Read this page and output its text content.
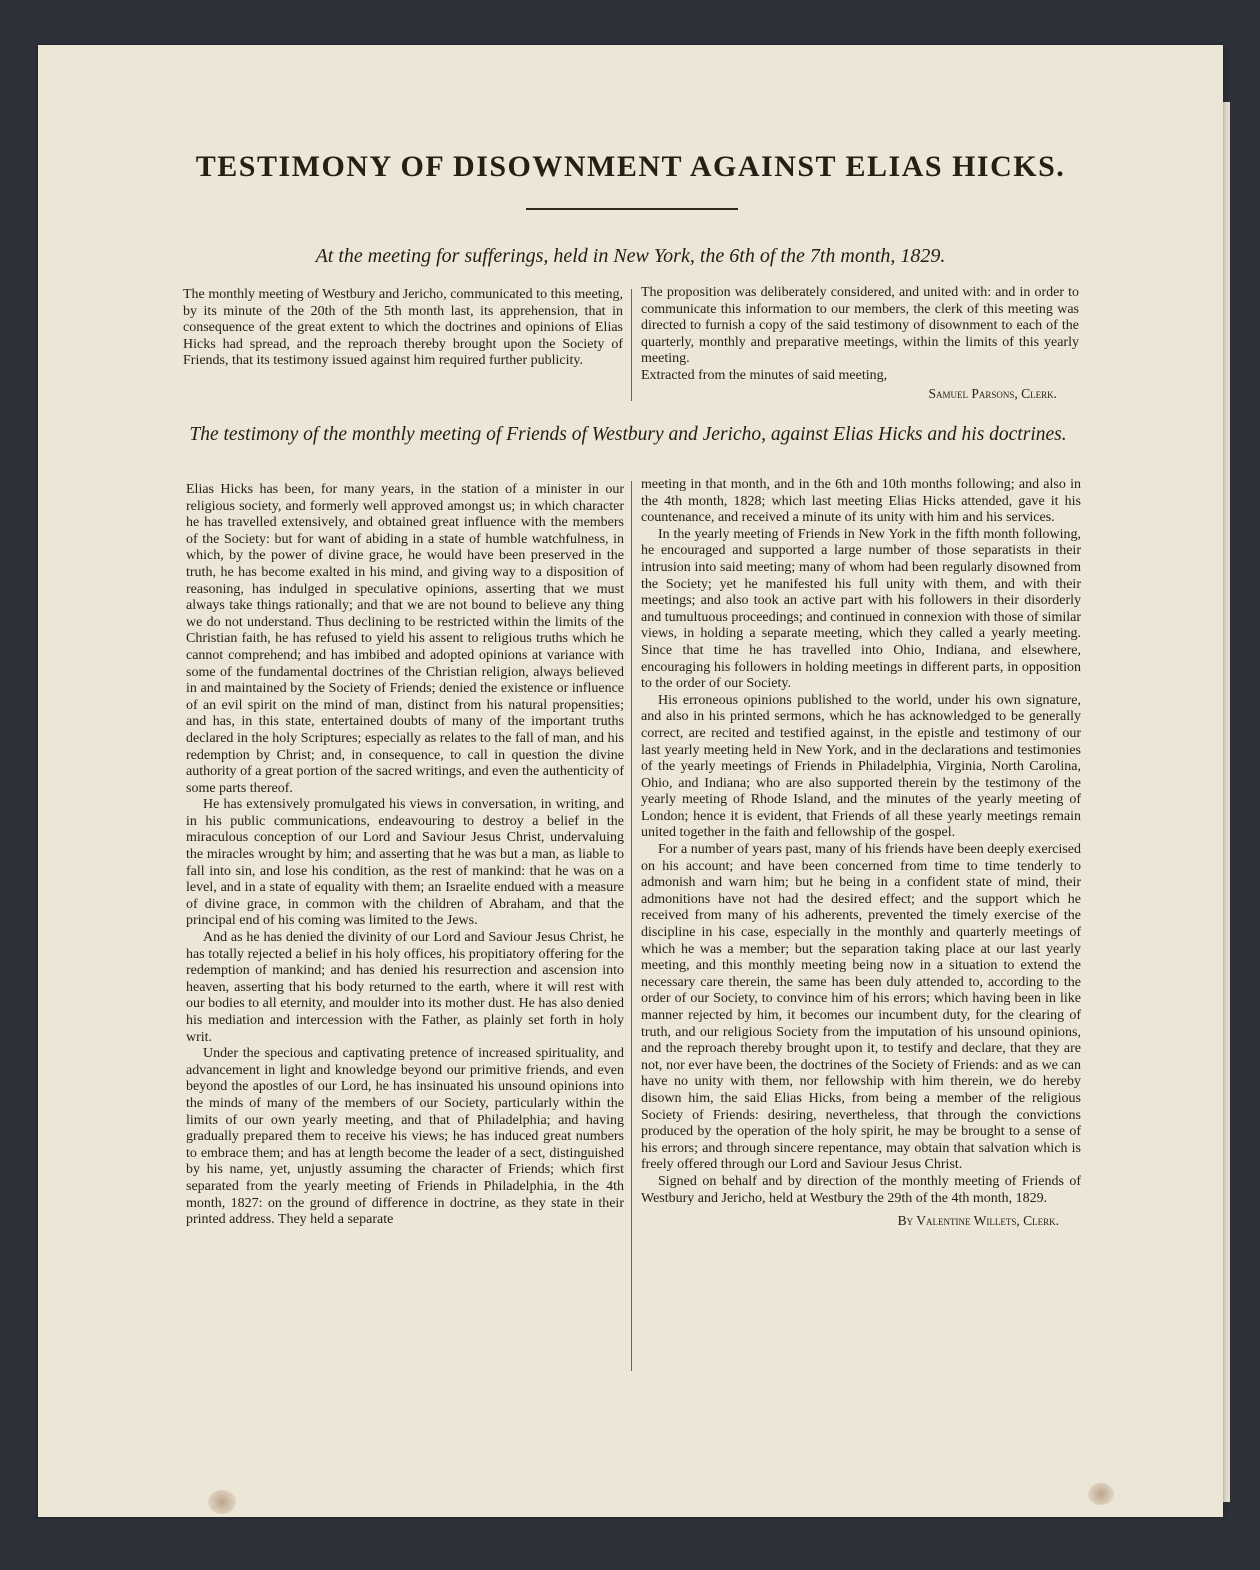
TESTIMONY OF DISOWNMENT AGAINST ELIAS HICKS.
At the meeting for sufferings, held in New York, the 6th of the 7th month, 1829.

The monthly meeting of Westbury and Jericho, communicated to this meeting, by its minute of the 20th of the 5th month last, its apprehension, that in consequence of the great extent to which the doctrines and opinions of Elias Hicks had spread, and the reproach thereby brought upon the Society of Friends, that its testimony issued against him required further publicity.

The proposition was deliberately considered, and united with: and in order to communicate this information to our members, the clerk of this meeting was directed to furnish a copy of the said testimony of disownment to each of the quarterly, monthly and preparative meetings, within the limits of this yearly meeting.

Extracted from the minutes of said meeting,

Samuel Parsons, Clerk.
The testimony of the monthly meeting of Friends of Westbury and Jericho, against Elias Hicks and his doctrines.

Elias Hicks has been, for many years, in the station of a minister in our religious society, and formerly well approved amongst us; in which character he has travelled extensively, and obtained great influence with the members of the Society: but for want of abiding in a state of humble watchfulness, in which, by the power of divine grace, he would have been preserved in the truth, he has become exalted in his mind, and giving way to a disposition of reasoning, has indulged in speculative opinions, asserting that we must always take things rationally; and that we are not bound to believe any thing we do not understand. Thus declining to be restricted within the limits of the Christian faith, he has refused to yield his assent to religious truths which he cannot comprehend; and has imbibed and adopted opinions at variance with some of the fundamental doctrines of the Christian religion, always believed in and maintained by the Society of Friends; denied the existence or influence of an evil spirit on the mind of man, distinct from his natural propensities; and has, in this state, entertained doubts of many of the important truths declared in the holy Scriptures; especially as relates to the fall of man, and his redemption by Christ; and, in consequence, to call in question the divine authority of a great portion of the sacred writings, and even the authenticity of some parts thereof.

He has extensively promulgated his views in conversation, in writing, and in his public communications, endeavouring to destroy a belief in the miraculous conception of our Lord and Saviour Jesus Christ, undervaluing the miracles wrought by him; and asserting that he was but a man, as liable to fall into sin, and lose his condition, as the rest of mankind: that he was on a level, and in a state of equality with them; an Israelite endued with a measure of divine grace, in common with the children of Abraham, and that the principal end of his coming was limited to the Jews.

And as he has denied the divinity of our Lord and Saviour Jesus Christ, he has totally rejected a belief in his holy offices, his propitiatory offering for the redemption of mankind; and has denied his resurrection and ascension into heaven, asserting that his body returned to the earth, where it will rest with our bodies to all eternity, and moulder into its mother dust. He has also denied his mediation and intercession with the Father, as plainly set forth in holy writ.

Under the specious and captivating pretence of increased spirituality, and advancement in light and knowledge beyond our primitive friends, and even beyond the apostles of our Lord, he has insinuated his unsound opinions into the minds of many of the members of our Society, particularly within the limits of our own yearly meeting, and that of Philadelphia; and having gradually prepared them to receive his views; he has induced great numbers to embrace them; and has at length become the leader of a sect, distinguished by his name, yet, unjustly assuming the character of Friends; which first separated from the yearly meeting of Friends in Philadelphia, in the 4th month, 1827: on the ground of difference in doctrine, as they state in their printed address. They held a separate

meeting in that month, and in the 6th and 10th months following; and also in the 4th month, 1828; which last meeting Elias Hicks attended, gave it his countenance, and received a minute of its unity with him and his services.

In the yearly meeting of Friends in New York in the fifth month following, he encouraged and supported a large number of those separatists in their intrusion into said meeting; many of whom had been regularly disowned from the Society; yet he manifested his full unity with them, and with their meetings; and also took an active part with his followers in their disorderly and tumultuous proceedings; and continued in connexion with those of similar views, in holding a separate meeting, which they called a yearly meeting. Since that time he has travelled into Ohio, Indiana, and elsewhere, encouraging his followers in holding meetings in different parts, in opposition to the order of our Society.

His erroneous opinions published to the world, under his own signature, and also in his printed sermons, which he has acknowledged to be generally correct, are recited and testified against, in the epistle and testimony of our last yearly meeting held in New York, and in the declarations and testimonies of the yearly meetings of Friends in Philadelphia, Virginia, North Carolina, Ohio, and Indiana; who are also supported therein by the testimony of the yearly meeting of Rhode Island, and the minutes of the yearly meeting of London; hence it is evident, that Friends of all these yearly meetings remain united together in the faith and fellowship of the gospel.

For a number of years past, many of his friends have been deeply exercised on his account; and have been concerned from time to time tenderly to admonish and warn him; but he being in a confident state of mind, their admonitions have not had the desired effect; and the support which he received from many of his adherents, prevented the timely exercise of the discipline in his case, especially in the monthly and quarterly meetings of which he was a member; but the separation taking place at our last yearly meeting, and this monthly meeting being now in a situation to extend the necessary care therein, the same has been duly attended to, according to the order of our Society, to convince him of his errors; which having been in like manner rejected by him, it becomes our incumbent duty, for the clearing of truth, and our religious Society from the imputation of his unsound opinions, and the reproach thereby brought upon it, to testify and declare, that they are not, nor ever have been, the doctrines of the Society of Friends: and as we can have no unity with them, nor fellowship with him therein, we do hereby disown him, the said Elias Hicks, from being a member of the religious Society of Friends: desiring, nevertheless, that through the convictions produced by the operation of the holy spirit, he may be brought to a sense of his errors; and through sincere repentance, may obtain that salvation which is freely offered through our Lord and Saviour Jesus Christ.

Signed on behalf and by direction of the monthly meeting of Friends of Westbury and Jericho, held at Westbury the 29th of the 4th month, 1829.

By Valentine Willets, Clerk.
